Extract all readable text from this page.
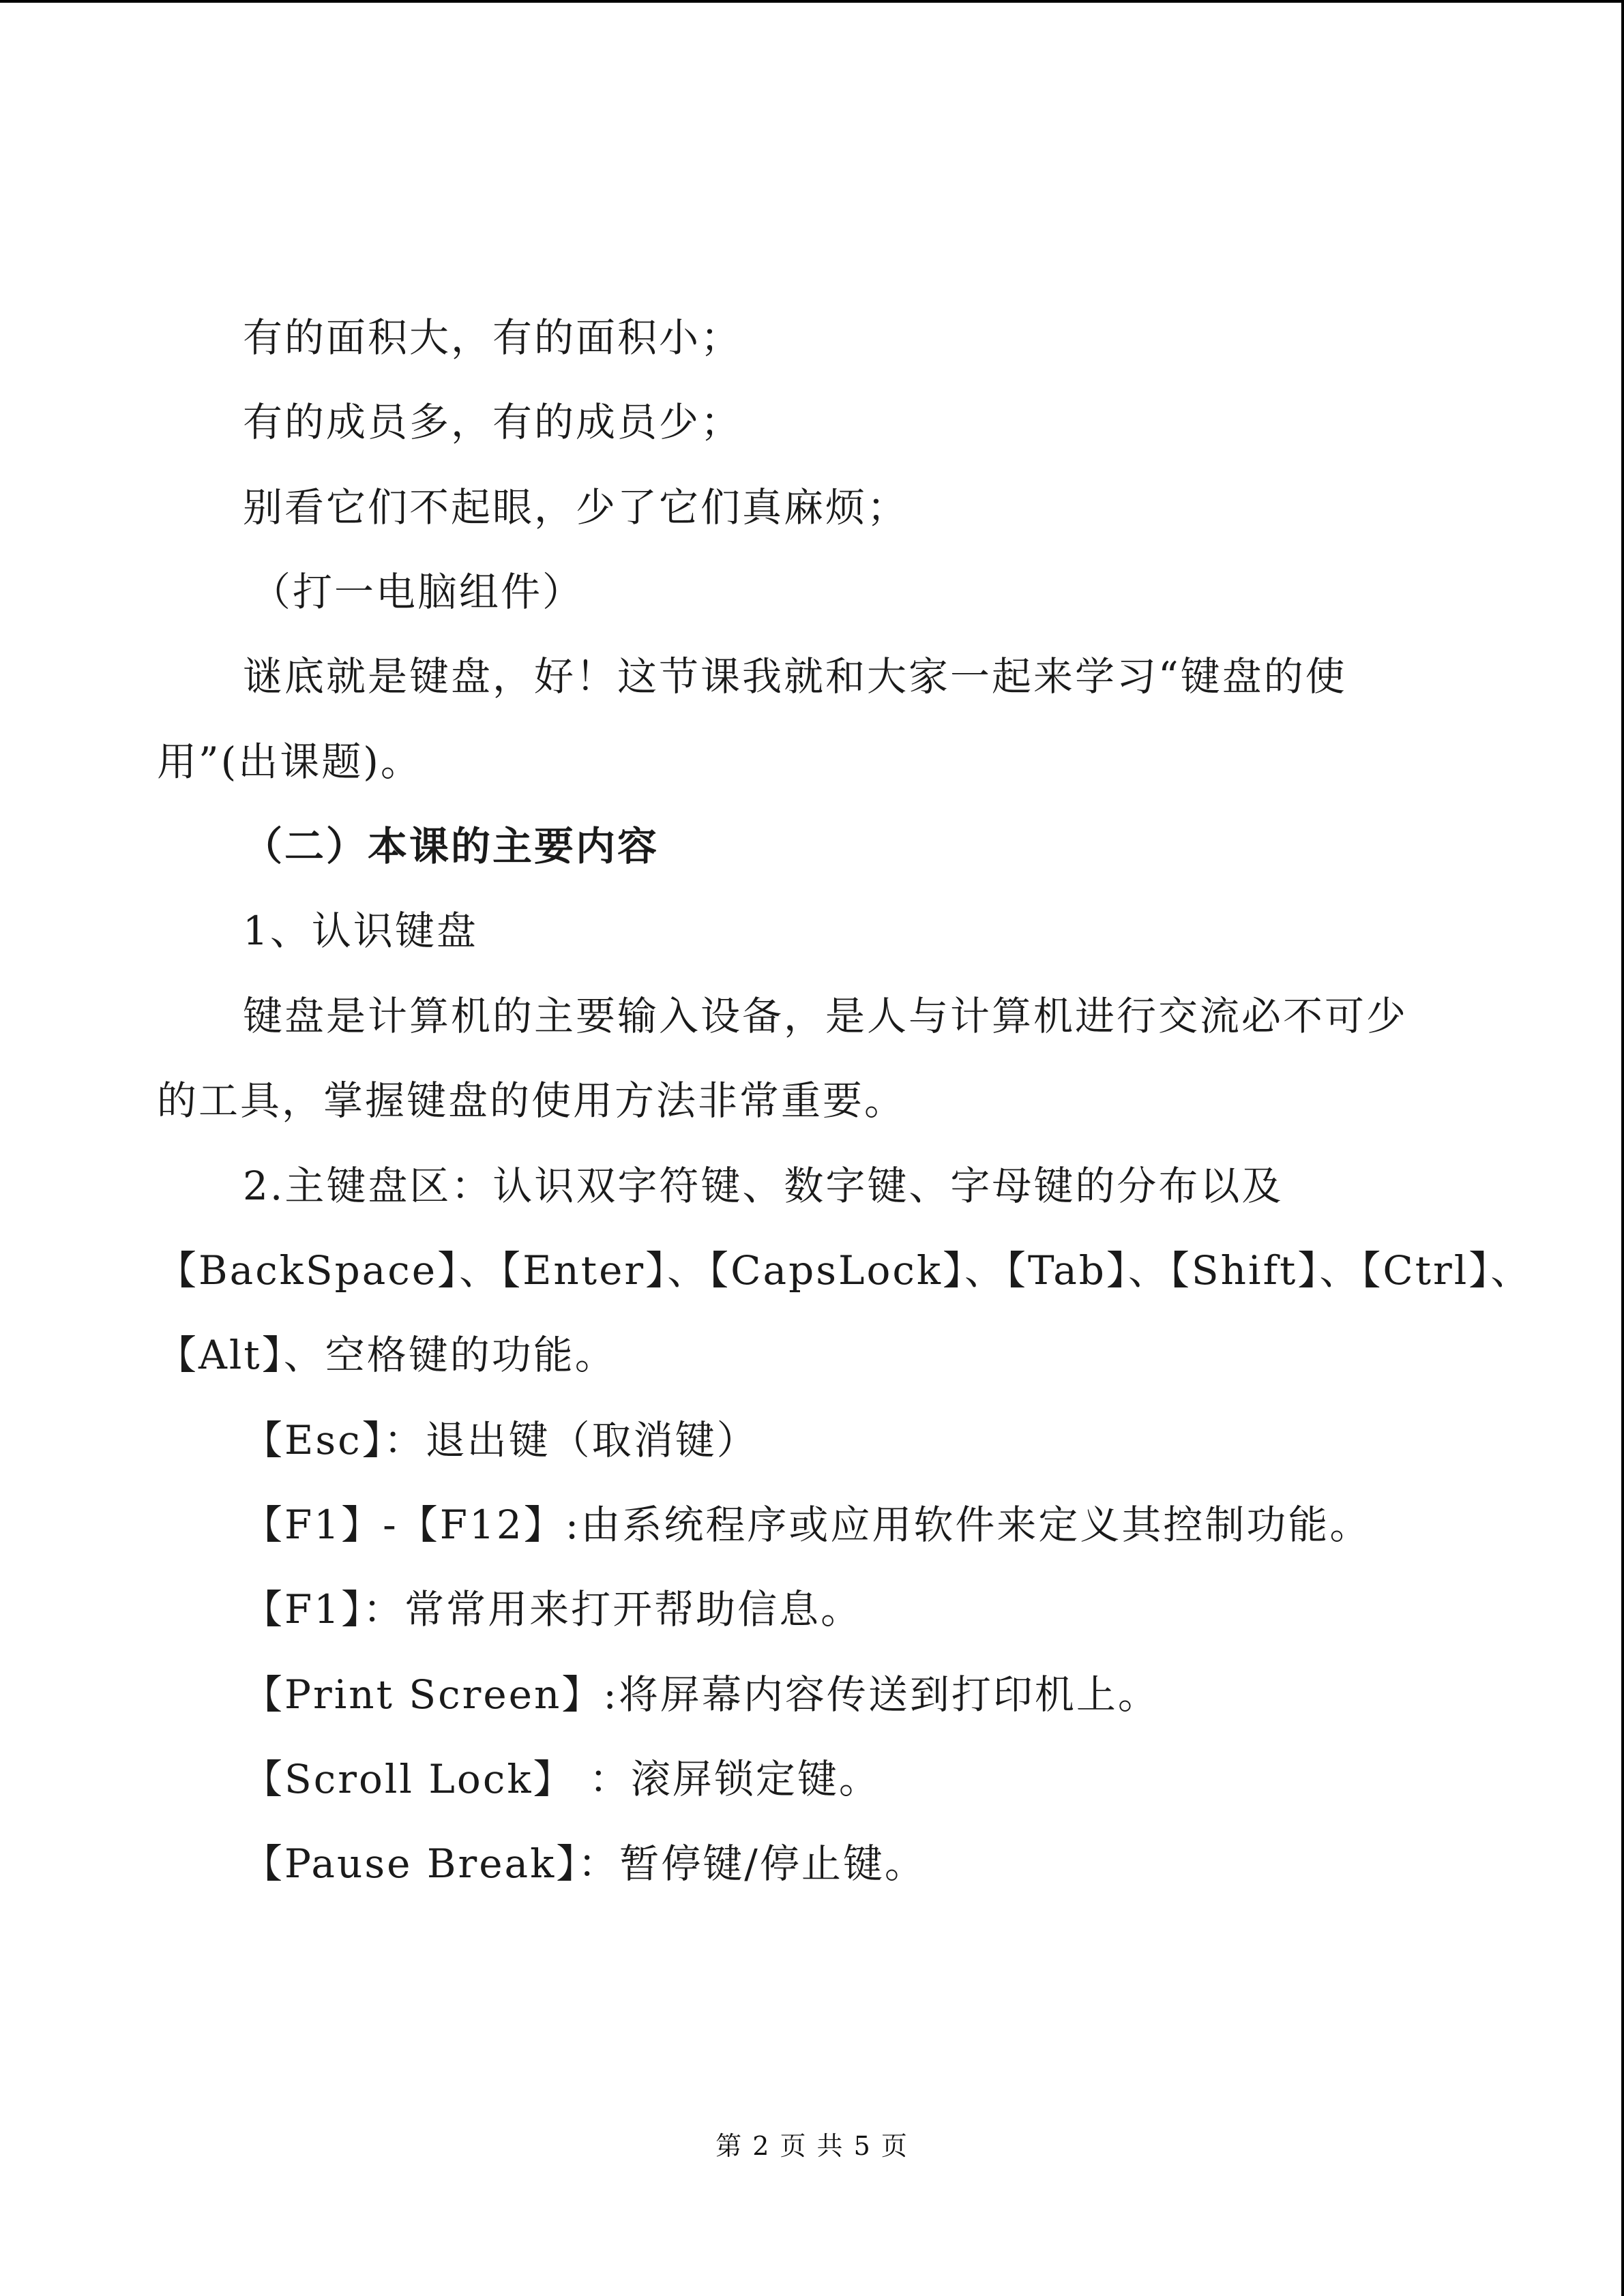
有的面积大，有的面积小；
有的成员多，有的成员少；
别看它们不起眼，少了它们真麻烦；
（打一电脑组件）
谜底就是键盘，好！这节课我就和大家一起来学习“键盘的使
用”(出课题)。
（二）本课的主要内容
1、认识键盘
键盘是计算机的主要输入设备，是人与计算机进行交流必不可少
的工具，掌握键盘的使用方法非常重要。
2.主键盘区：认识双字符键、数字键、字母键的分布以及
【BackSpace】、【Enter】、【CapsLock】、【Tab】、【Shift】、【Ctrl】、
【Alt】、空格键的功能。
【Esc】：退出键（取消键）
【F1】-【F12】:由系统程序或应用软件来定义其控制功能。
【F1】：常常用来打开帮助信息。
【Print Screen】:将屏幕内容传送到打印机上。
【Scroll Lock】 ：滚屏锁定键。
【Pause Break】：暂停键/停止键。
第 2 页 共 5 页
